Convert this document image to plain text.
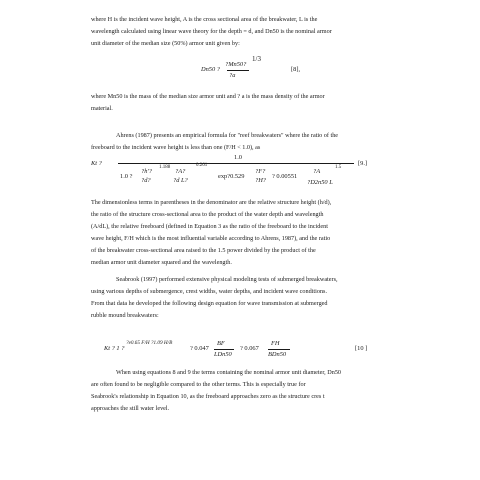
where H is the incident wave height, A is the cross sectional area of the breakwater, L is the
wavelength calculated using linear wave theory for the depth = d, and Dn50 is the nominal armor
unit diameter of the median size (50%) armor unit given by:

Dn50 ?
?Mn50?
?a
1/3
[8],

where Mn50 is the mass of the median size armor unit and ? a is the mass density of the armor
material.

Ahrens (1987) presents an empirical formula for "reef breakwaters" where the ratio of the
freeboard to the incident wave height is less than one (F/H < 1.0), as

Kt ?
1.0
1.0 ?
?h'?
1.188
?d?
?A?
0.261
?d L?
exp?0.529
?F?
?H?
? 0.00551
?A
1.5
?D2n50 L
[9.]

The dimensionless terms in parentheses in the denominator are the relative structure height (h/d),
the ratio of the structure cross-sectional area to the product of the water depth and wavelength
(A/dL), the relative freeboard (defined in Equation 3 as the ratio of the freeboard to the incident
wave height, F/H which is the most influential variable according to Ahrens, 1987), and the ratio
of the breakwater cross-sectional area raised to the 1.5 power divided by the product of the
median armor unit diameter squared and the wavelength.

Seabrook (1997) performed extensive physical modeling tests of submerged breakwaters,
using various depths of submergence, crest widths, water depths, and incident wave conditions.
From that data he developed the following design equation for wave transmission at submerged
rubble mound breakwaters:

Kt ? 1 ?
?e0.65 F/H ?1.09 H/B
? 0.047
BF
LDn50
? 0.067
FH
BDn50
[10 ]

When using equations 8 and 9 the terms containing the nominal armor unit diameter, Dn50
are often found to be negligible compared to the other terms. This is especially true for
Seabrook's relationship in Equation 10, as the freeboard approaches zero as the structure cres t
approaches the still water level.
